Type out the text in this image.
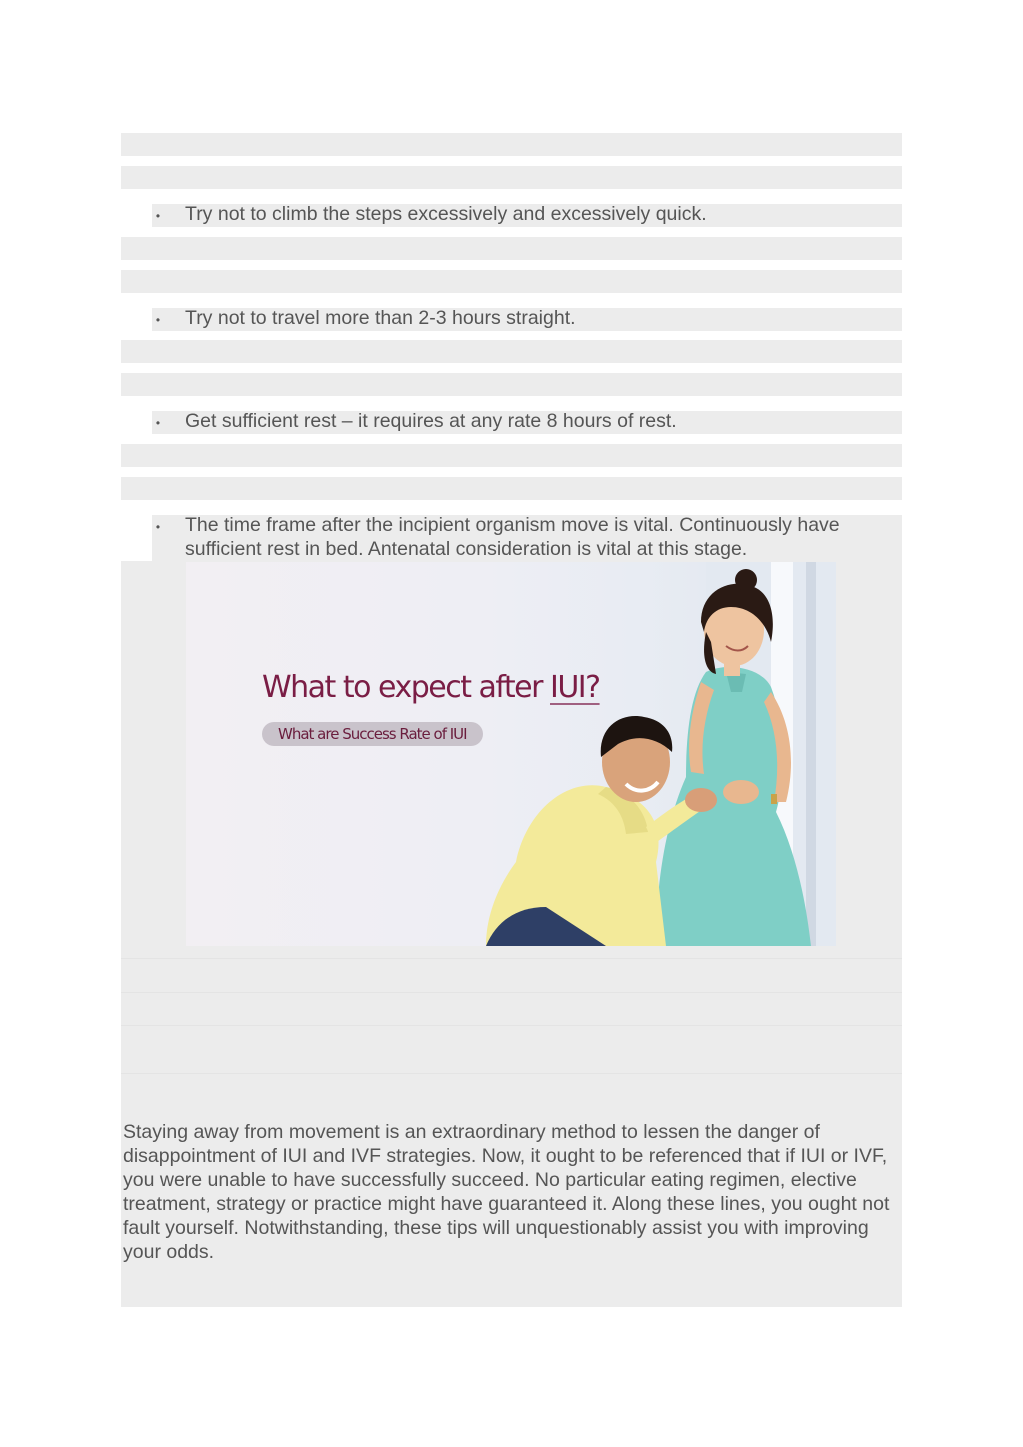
• Try not to climb the steps excessively and excessively quick.
• Try not to travel more than 2-3 hours straight.
• Get sufficient rest – it requires at any rate 8 hours of rest.
• The time frame after the incipient organism move is vital. Continuously have sufficient rest in bed. Antenatal consideration is vital at this stage.
What to expect after IUI?
What are Success Rate of IUI
Staying away from movement is an extraordinary method to lessen the danger of disappointment of IUI and IVF strategies. Now, it ought to be referenced that if IUI or IVF, you were unable to have successfully succeed. No particular eating regimen, elective treatment, strategy or practice might have guaranteed it. Along these lines, you ought not fault yourself. Notwithstanding, these tips will unquestionably assist you with improving your odds.
